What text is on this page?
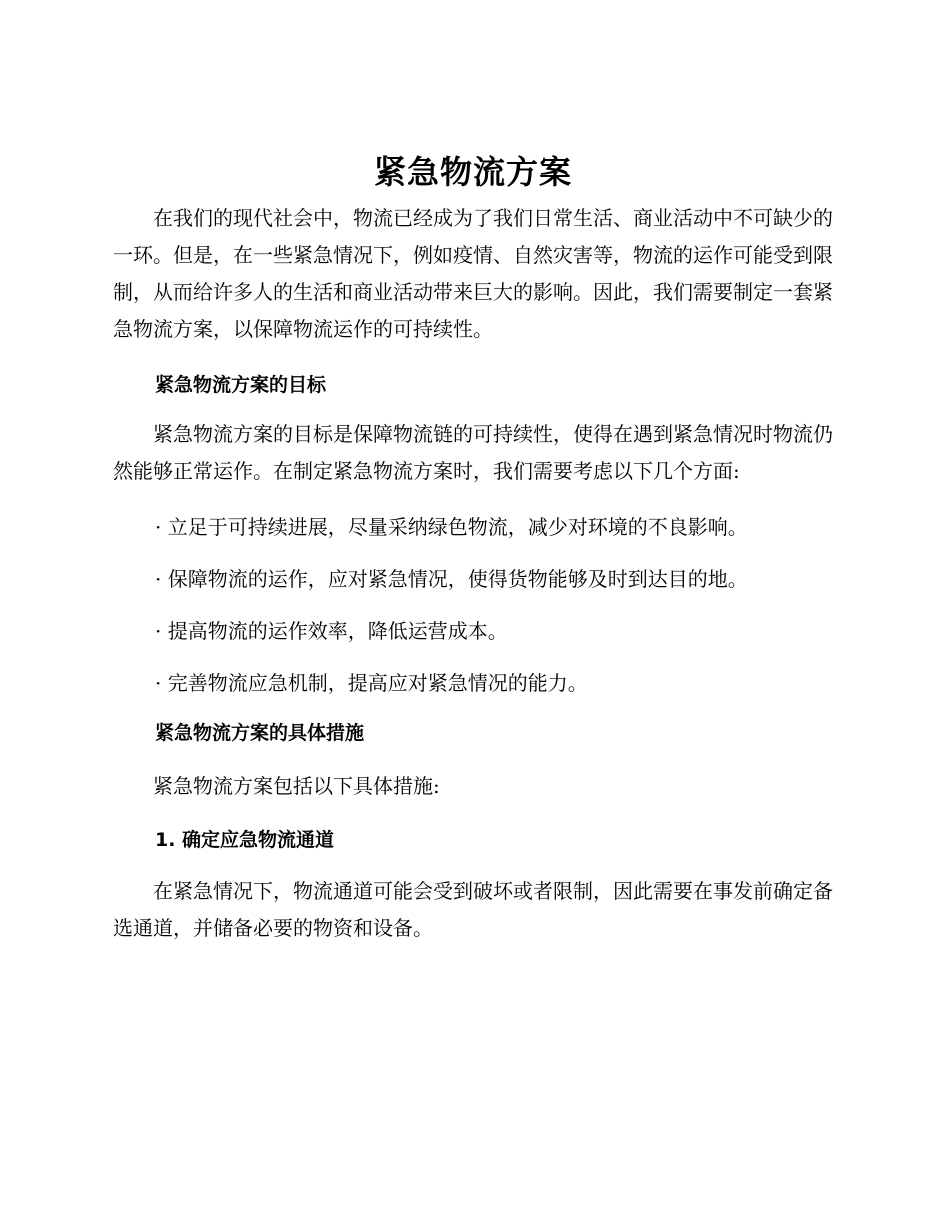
紧急物流方案

在我们的现代社会中，物流已经成为了我们日常生活、商业活动中不可缺少的一环。但是，在一些紧急情况下，例如疫情、自然灾害等，物流的运作可能受到限制，从而给许多人的生活和商业活动带来巨大的影响。因此，我们需要制定一套紧急物流方案，以保障物流运作的可持续性。

紧急物流方案的目标

紧急物流方案的目标是保障物流链的可持续性，使得在遇到紧急情况时物流仍然能够正常运作。在制定紧急物流方案时，我们需要考虑以下几个方面:

· 立足于可持续进展，尽量采纳绿色物流，减少对环境的不良影响。

· 保障物流的运作，应对紧急情况，使得货物能够及时到达目的地。

· 提高物流的运作效率，降低运营成本。

· 完善物流应急机制，提高应对紧急情况的能力。

紧急物流方案的具体措施

紧急物流方案包括以下具体措施:

1. 确定应急物流通道

在紧急情况下，物流通道可能会受到破坏或者限制，因此需要在事发前确定备选通道，并储备必要的物资和设备。
